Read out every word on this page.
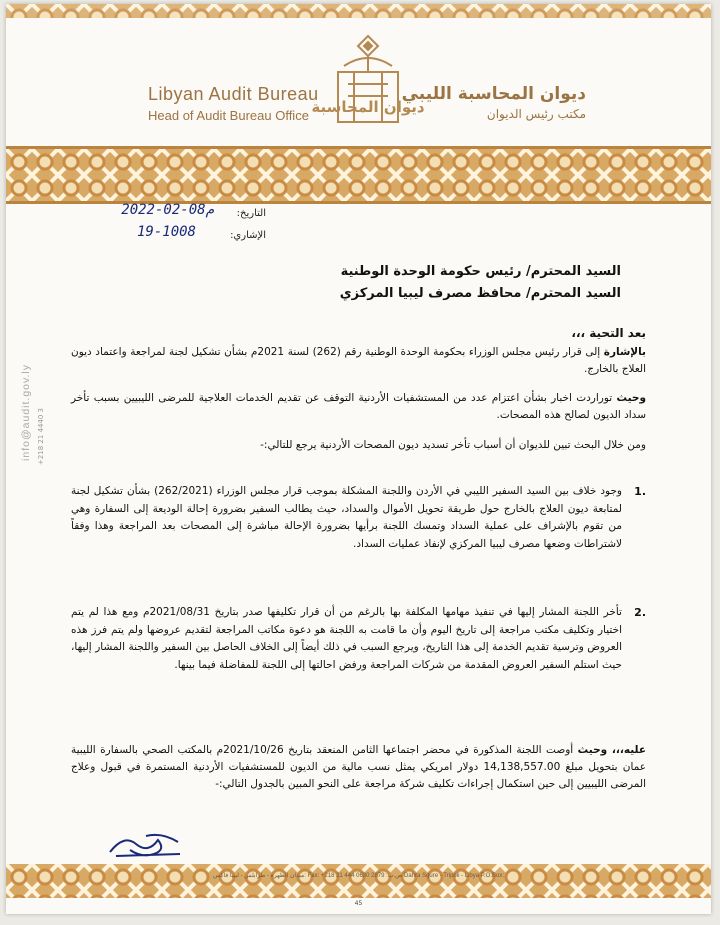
Libyan Audit Bureau
Head of Audit Bureau Office ديوان المحاسبة
ديوان المحاسبة الليبي
مكتب رئيس الديوان
التاريخ:
2022-02-08م
الإشاري:
19-1008
السيد المحترم/ رئيس حكومة الوحدة الوطنية
السيد المحترم/ محافظ مصرف ليبيا المركزي
بعد التحية ،،،
بالإشارة إلى قرار رئيس مجلس الوزراء بحكومة الوحدة الوطنية رقم (262) لسنة 2021م بشأن تشكيل لجنة لمراجعة واعتماد ديون العلاج بالخارج.
وحيث توراردت اخبار بشأن اعتزام عدد من المستشفيات الأردنية التوقف عن تقديم الخدمات العلاجية للمرضى الليبيين بسبب تأخر سداد الديون لصالح هذه المصحات.
ومن خلال البحث تبين للديوان أن أسباب تأخر تسديد ديون المصحات الأردنية يرجع للتالي:-
.1
وجود خلاف بين السيد السفير الليبي في الأردن واللجنة المشكلة بموجب قرار مجلس الوزراء (262/2021) بشأن تشكيل لجنة لمتابعة ديون العلاج بالخارج حول طريقة تحويل الأموال والسداد، حيث يطالب السفير بضرورة إحالة الوديعة إلى السفارة وهي من تقوم بالإشراف على عملية السداد وتمسك اللجنة برأيها بضرورة الإحالة مباشرة إلى المصحات بعد المراجعة وهذا وفقاً لاشتراطات وضعها مصرف ليبيا المركزي لإنفاذ عمليات السداد.
.2
تأخر اللجنة المشار إليها في تنفيذ مهامها المكلفة بها بالرغم من أن قرار تكليفها صدر بتاريخ 2021/08/31م ومع هذا لم يتم اختيار وتكليف مكتب مراجعة إلى تاريخ اليوم وأن ما قامت به اللجنة هو دعوة مكاتب المراجعة لتقديم عروضها ولم يتم فرز هذه العروض وترسية تقديم الخدمة إلى هذا التاريخ، ويرجع السبب في ذلك أيضاً إلى الخلاف الحاصل بين السفير واللجنة المشار إليها، حيث استلم السفير العروض المقدمة من شركات المراجعة ورفض احالتها إلى اللجنة للمفاضلة فيما بينها.
عليه،،، وحيث أوصت اللجنة المذكورة في محضر اجتماعها الثامن المنعقد بتاريخ 2021/10/26م بالمكتب الصحي بالسفارة الليبية عمان بتحويل مبلغ 14,138,557.00 دولار امريكي يمثل نسب مالية من الديون للمستشفيات الأردنية المستمرة في قبول وعلاج المرضى الليبيين إلى حين استكمال إجراءات تكليف شركة مراجعة على النحو المبين بالجدول التالي:-
info@audit.gov.ly +218 21 4440 3
ميدان الظهرة - طرابلس - ليبيا فاكس: Fax: +218 21 444 0630 ص.ب: 2879 Dahra Squre - Tripoli - Libya P.O.Box:
45
